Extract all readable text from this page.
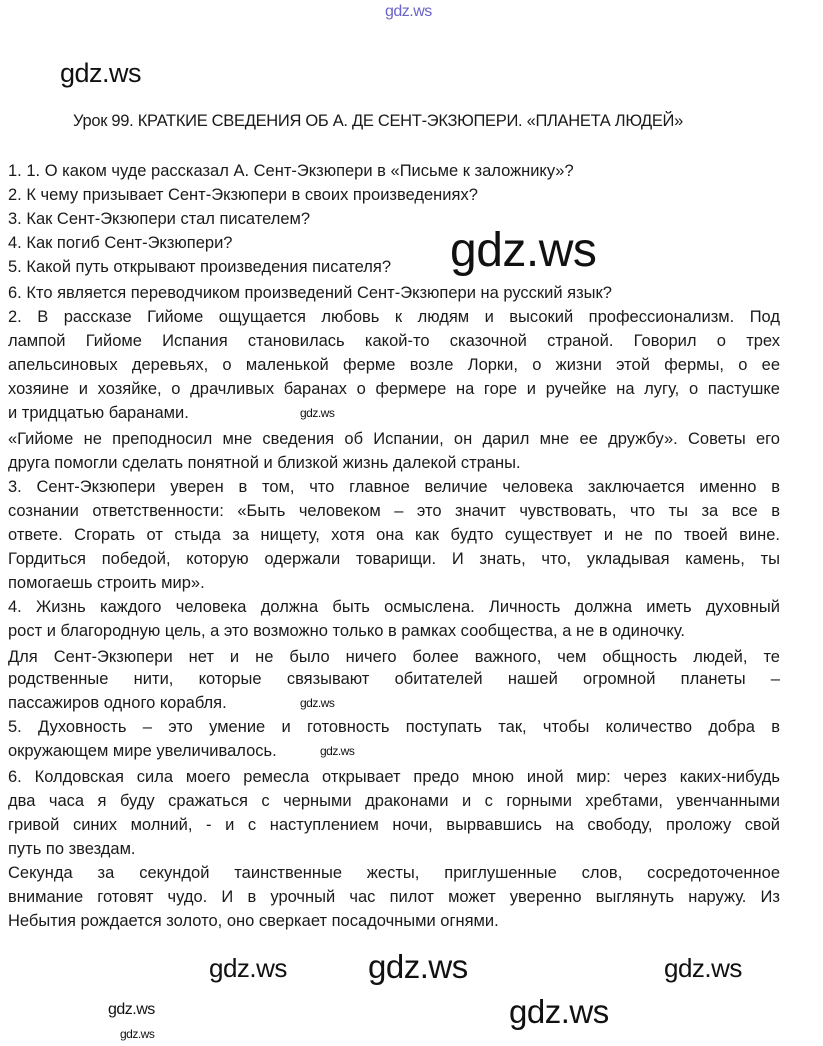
Урок 99. КРАТКИЕ СВЕДЕНИЯ ОБ А. ДЕ СЕНТ-ЭКЗЮПЕРИ. «ПЛАНЕТА ЛЮДЕЙ»
1. 1. О каком чуде рассказал А. Сент-Экзюпери в «Письме к заложнику»?
2. К чему призывает Сент-Экзюпери в своих произведениях?
3. Как Сент-Экзюпери стал писателем?
4. Как погиб Сент-Экзюпери?
5. Какой путь открывают произведения писателя?
6. Кто является переводчиком произведений Сент-Экзюпери на русский язык?
2. В рассказе Гийоме ощущается любовь к людям и высокий профессионализм. Под
лампой Гийоме Испания становилась какой-то сказочной страной. Говорил о трех
апельсиновых деревьях, о маленькой ферме возле Лорки, о жизни этой фермы, о ее
хозяине и хозяйке, о драчливых баранах о фермере на горе и ручейке на лугу, о пастушке
и тридцатью баранами.
«Гийоме не преподносил мне сведения об Испании, он дарил мне ее дружбу». Советы его
друга помогли сделать понятной и близкой жизнь далекой страны.
3. Сент-Экзюпери уверен в том, что главное величие человека заключается именно в
сознании ответственности: «Быть человеком – это значит чувствовать, что ты за все в
ответе. Сгорать от стыда за нищету, хотя она как будто существует и не по твоей вине.
Гордиться победой, которую одержали товарищи. И знать, что, укладывая камень, ты
помогаешь строить мир».
4. Жизнь каждого человека должна быть осмыслена. Личность должна иметь духовный
рост и благородную цель, а это возможно только в рамках сообщества, а не в одиночку.
Для Сент-Экзюпери нет и не было ничего более важного, чем общность людей, те
родственные нити, которые связывают обитателей нашей огромной планеты –
пассажиров одного корабля.
5. Духовность – это умение и готовность поступать так, чтобы количество добра в
окружающем мире увеличивалось.
6. Колдовская сила моего ремесла открывает предо мною иной мир: через каких-нибудь
два часа я буду сражаться с черными драконами и с горными хребтами, увенчанными
гривой синих молний, - и с наступлением ночи, вырвавшись на свободу, проложу свой
путь по звездам.
Секунда за секундой таинственные жесты, приглушенные слов, сосредоточенное
внимание готовят чудо. И в урочный час пилот может уверенно выглянуть наружу. Из
Небытия рождается золото, оно сверкает посадочными огнями.
gdz.ws
gdz.ws
gdz.ws
gdz.ws
gdz.ws
gdz.ws
gdz.ws	gdz.ws
gdz.ws
gdz.ws
gdz.ws
gdz.ws
